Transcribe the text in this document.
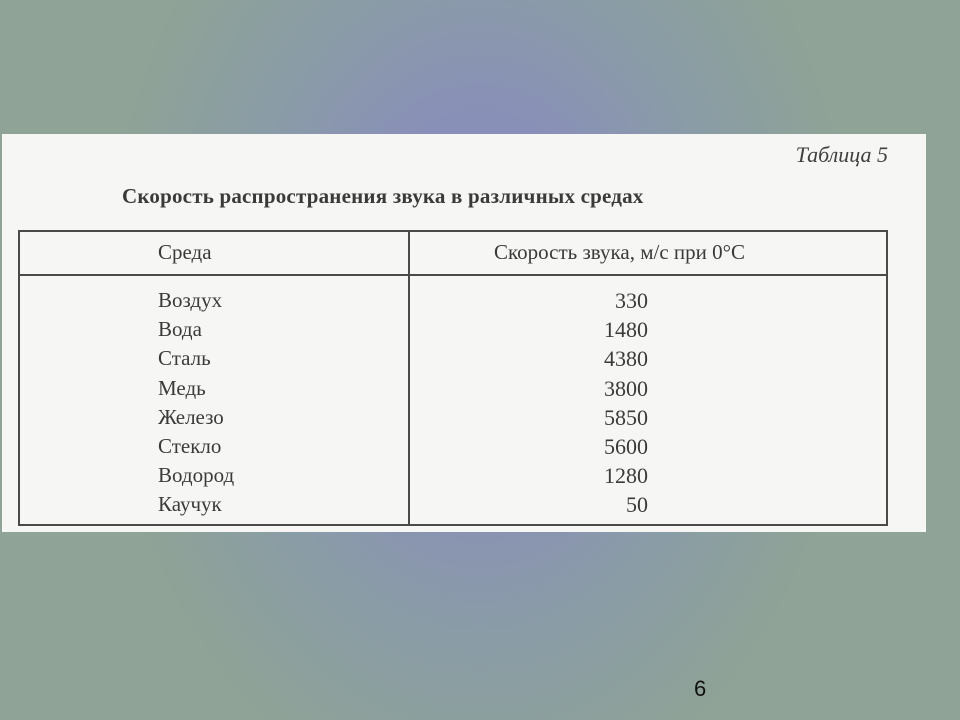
Таблица 5
Скорость распространения звука в различных средах
Среда	Скорость звука, м/с при 0°С
Воздух	330
Вода	1480
Сталь	4380
Медь	3800
Железо	5850
Стекло	5600
Водород	1280
Каучук	50
6
